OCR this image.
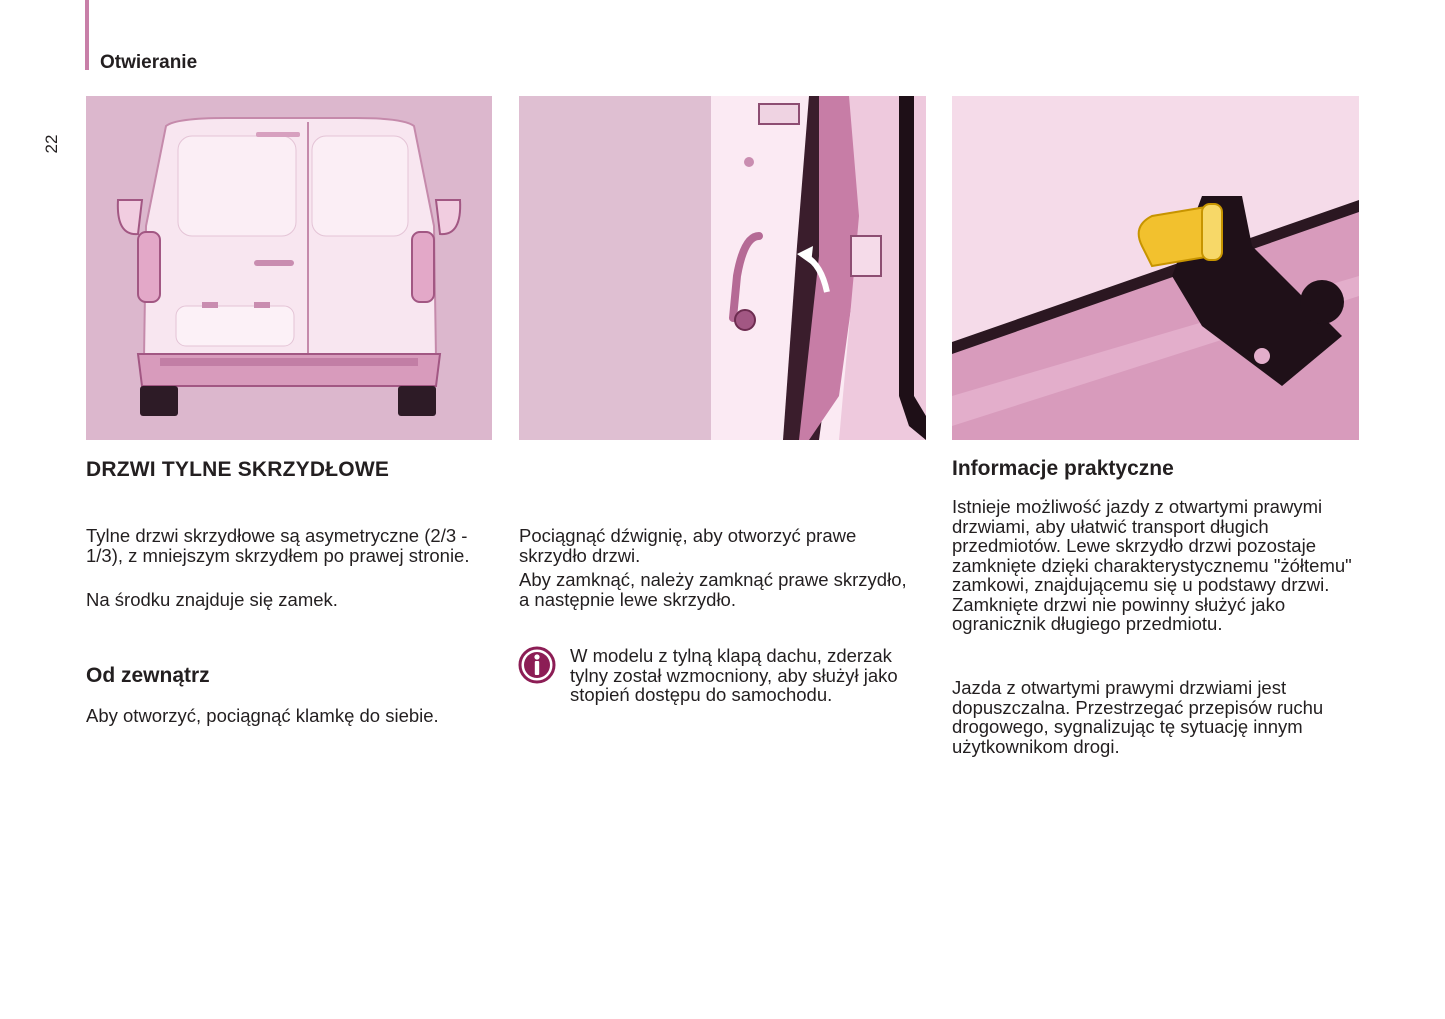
Otwieranie
22
DRZWI TYLNE SKRZYDŁOWE

Tylne drzwi skrzydłowe są asymetryczne (2/3 - 1/3), z mniejszym skrzydłem po prawej stronie.

Na środku znajduje się zamek.

Od zewnątrz

Aby otworzyć, pociągnąć klamkę do siebie.

Pociągnąć dźwignię, aby otworzyć prawe skrzydło drzwi.

Aby zamknąć, należy zamknąć prawe skrzydło, a następnie lewe skrzydło.

W modelu z tylną klapą dachu, zderzak tylny został wzmocniony, aby służył jako stopień dostępu do samochodu.

Informacje praktyczne

Istnieje możliwość jazdy z otwartymi prawymi drzwiami, aby ułatwić transport długich przedmiotów. Lewe skrzydło drzwi pozostaje zamknięte dzięki charakterystycznemu "żółtemu" zamkowi, znajdującemu się u podstawy drzwi. Zamknięte drzwi nie powinny służyć jako ogranicznik długiego przedmiotu.

Jazda z otwartymi prawymi drzwiami jest dopuszczalna. Przestrzegać przepisów ruchu drogowego, sygnalizując tę sytuację innym użytkownikom drogi.
